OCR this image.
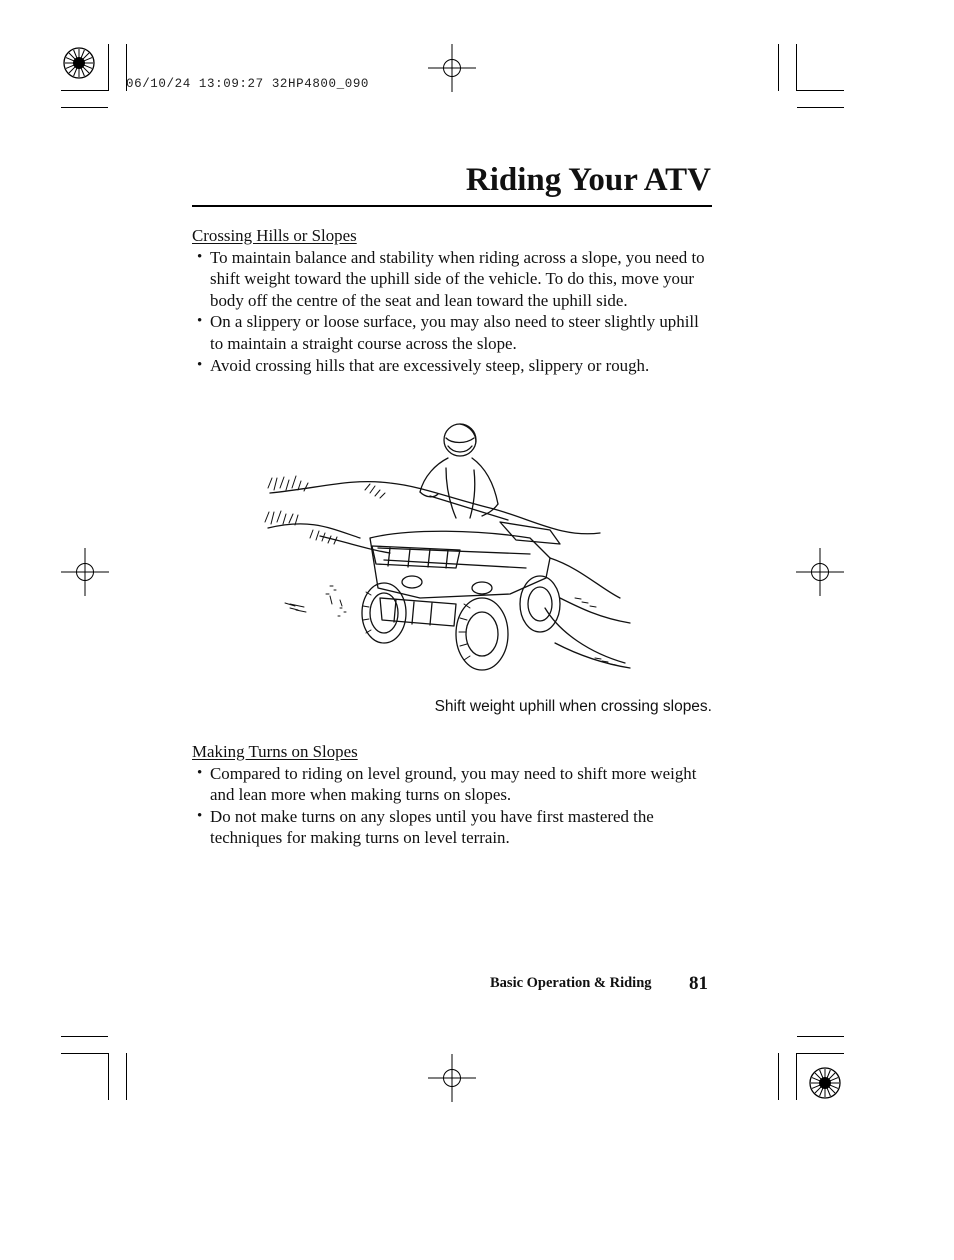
06/10/24 13:09:27 32HP4800_090
Riding Your ATV
Crossing Hills or Slopes
• To maintain balance and stability when riding across a slope, you need to shift weight toward the uphill side of the vehicle. To do this, move your body off the centre of the seat and lean toward the uphill side.
• On a slippery or loose surface, you may also need to steer slightly uphill to maintain a straight course across the slope.
• Avoid crossing hills that are excessively steep, slippery or rough.
Shift weight uphill when crossing slopes.
Making Turns on Slopes
• Compared to riding on level ground, you may need to shift more weight and lean more when making turns on slopes.
• Do not make turns on any slopes until you have first mastered the techniques for making turns on level terrain.
Basic Operation & Riding 81
